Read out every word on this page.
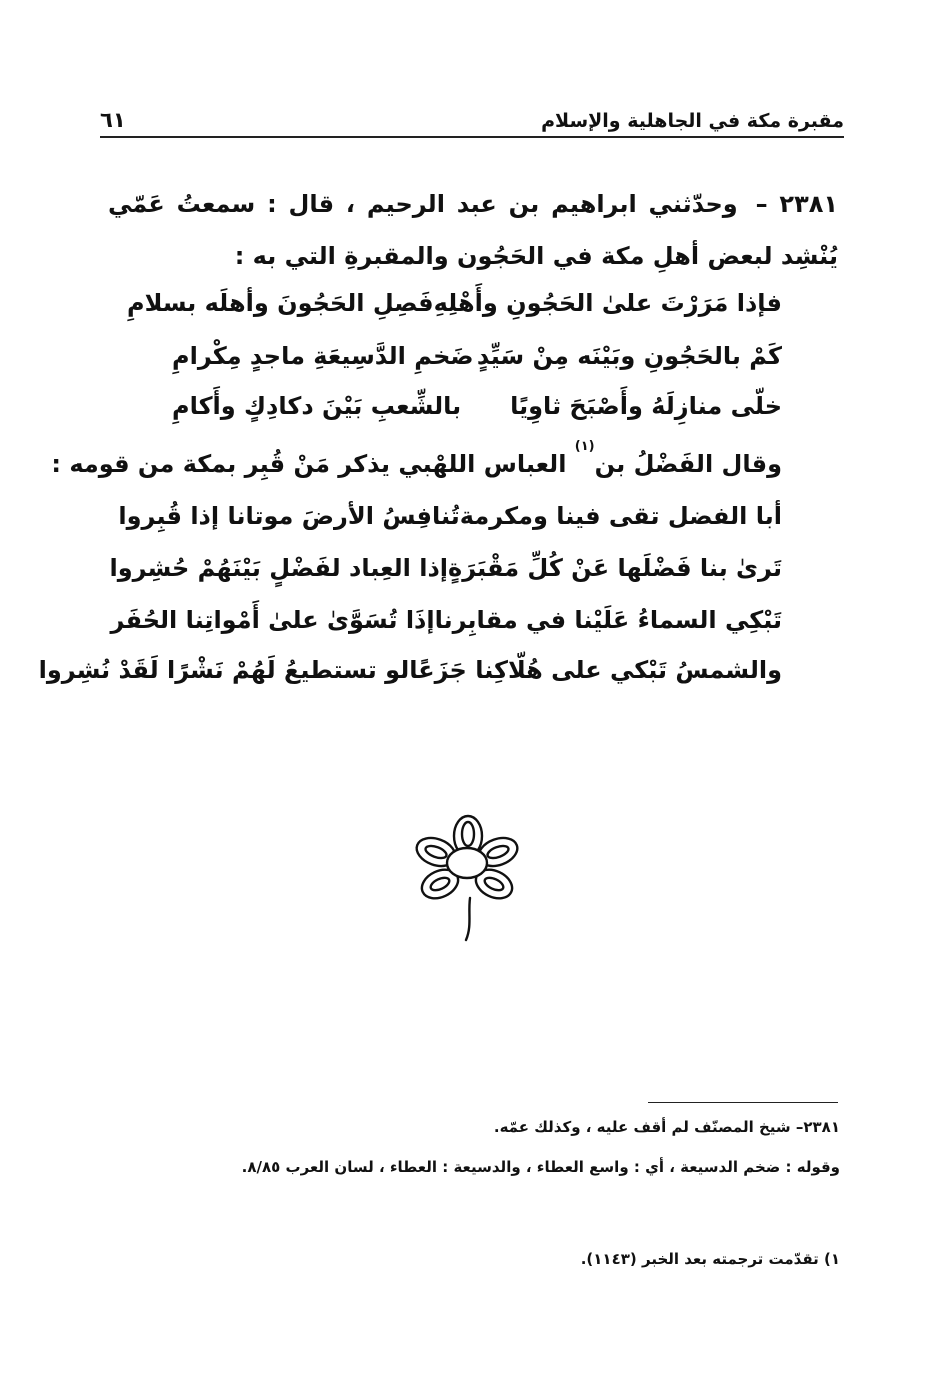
مقبرة مكة في الجاهلية والإسلام
٦١
٢٣٨١ – وحدّثني ابراهيم بن عبد الرحيم ، قال : سمعتُ عَمّي يُنْشِد لبعض أهلِ مكة في الحَجُون والمقبرةِ التي به :
فإذا مَرَرْتَ علىٰ الحَجُونِ وأَهْلِهِ
فَصِلِ الحَجُونَ وأهلَه بسلامِ
كَمْ بالحَجُونِ وبَيْنَه مِنْ سَيِّدٍ
ضَخمِ الدَّسِيعَةِ ماجدٍ مِكْرامِ
خلّى منازِلَهُ وأَصْبَحَ ثاوِيًا
بالشِّعبِ بَيْنَ دكادِكٍ وأَكامِ
وقال الفَضْلُ بن$^{(١)}$ العباس اللهْبي يذكر مَنْ قُبِر بمكة من قومه :
أبا الفضل تقى فينا ومكرمة
تُنافِسُ الأرضَ موتانا إذا قُبِروا
تَرىٰ بنا فَضْلَها عَنْ كُلِّ مَقْبَرَةٍ
إذا العِباد لفَضْلٍ بَيْنَهُمْ حُشِروا
تَبْكِي السماءُ عَلَيْنا في مقابِرنا
إذَا تُسَوَّىٰ علىٰ أَمْواتِنا الحُفَر
والشمسُ تَبْكي على هُلّاكِنا جَزَعًا
لو تستطيعُ لَهُمْ نَشْرًا لَقَدْ نُشِروا
٢٣٨١– شيخ المصنّف لم أقف عليه ، وكذلك عمّه.
وقوله : ضخم الدسيعة ، أي : واسع العطاء ، والدسيعة : العطاء ، لسان العرب ٨/٨٥.
١) تقدّمت ترجمته بعد الخبر (١١٤٣).
